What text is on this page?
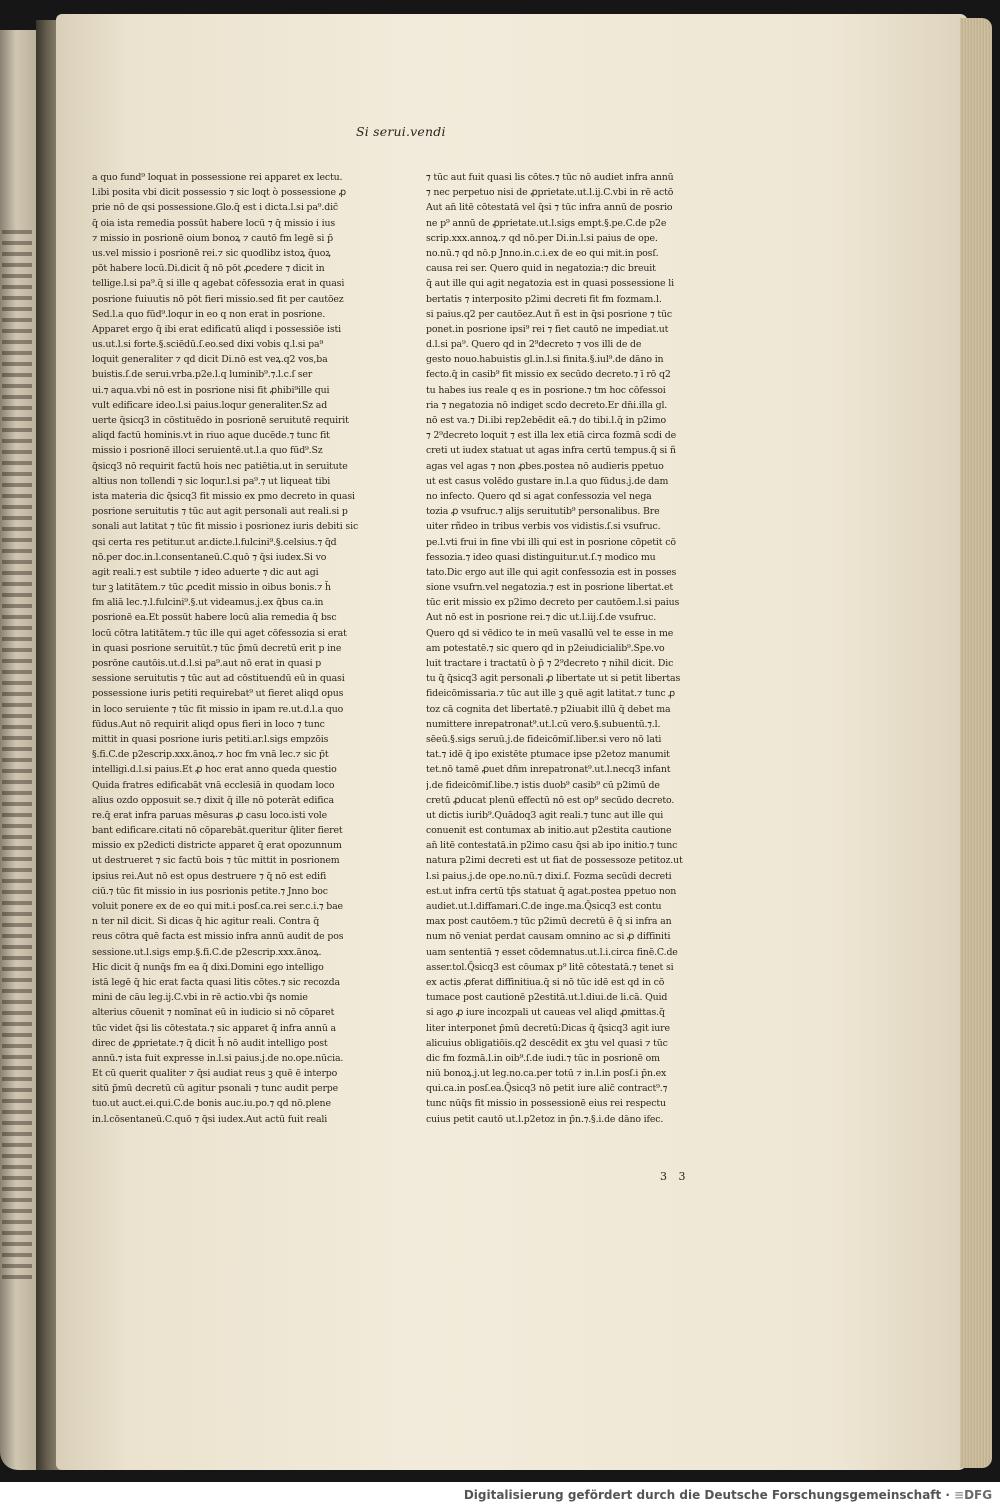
Si serui.vendi
a quo fund⁹ loquat in possessione rei apparet ex lectu.
l.ibi posita vbi dicit possessio ⁊ sic loqt ò possessione ꝓ
prie nō de qsi possessione.Glo.q̄ est i dicta.l.si pa⁹.dic̄
q̄ oia ista remedia possūt habere locū ⁊ q̄ missio i ius
⁊ missio in posrionē oium bonoꝝ ⁊ cautō fm legē si p̄
us.vel missio i posrionē rei.⁊ sic quodlibz istoꝝ q̄uoꝝ
pōt habere locū.Di.dicit q̄ nō pōt ꝓcedere ⁊ dicit in
tellige.l.si pa⁹.q̄ si ille q agebat cōfessozia erat in quasi
posrione fuiuutis nō pōt fieri missio.sed fit per cautōez
Sed.l.a quo fūd⁹.loqur in eo q non erat in posrione.
Apparet ergo q̄ ibi erat edificatū aliqd i possessiōe isti
us.ut.l.si forte.§.sciēdū.ſ.eo.sed dixi vobis q.l.si pa⁹
loquit generaliter ⁊ qd dicit Di.nō est veꝝ.q2 vos,ba
buistis.ſ.de serui.vrba.p2e.l.q luminib⁹.⁊.l.c.ſ ser
ui.⁊ aqua.vbi nō est in posrione nisi fit ꝓhibi⁹ille qui
vult edificare ideo.l.si paius.loqur generaliter.Sz ad
uerte q̄sicq3 in cōstituēdo in posrionē seruitutē requirit
aliqd factū hominis.vt in riuo aque ducēde.⁊ tunc fit
missio i posrionē illoci seruientē.ut.l.a quo fūd⁹.Sz
q̄sicq3 nō requirit factū hois nec patiētia.ut in seruitute
altius non tollendi ⁊ sic loqur.l.si pa⁹.⁊ ut liqueat tibi
ista materia dic q̄sicq3 fit missio ex pmo decreto in quasi
posrione seruitutis ⁊ tūc aut agit personali aut reali.si p
sonali aut latitat ⁊ tūc fit missio i posrionez iuris debiti sic
qsi certa res petitur.ut ar.dicte.l.fulcini⁹.§.celsius.⁊ q̄d
nō.per doc.in.l.consentaneū.C.quō ⁊ q̄si iudex.Si vo
agit reali.⁊ est subtile ⁊ ideo aduerte ⁊ dic aut agi
tur ꝫ latitātem.⁊ tūc ꝓcedit missio in oibus bonis.⁊ h̄
fm aliā lec.⁊.l.fulcini⁹.§.ut videamus.j.ex q̄bus ca.in
posrionē ea.Et possūt habere locū alia remedia q̄ bsc
locū cōtra latitātem.⁊ tūc ille qui aget cōfessozia si erat
in quasi posrione seruitūt.⁊ tūc p̄mū decretū erit p ine
posrōne cautōis.ut.d.l.si pa⁹.aut nō erat in quasi p
sessione seruitutis ⁊ tūc aut ad cōstituendū eū in quasi
possessione iuris petiti requirebat⁹ ut fieret aliqd opus
in loco seruiente ⁊ tūc fit missio in ipam re.ut.d.l.a quo
fūdus.Aut nō requirit aliqd opus fieri in loco ⁊ tunc
mittit in quasi posrione iuris petiti.ar.l.sigs empzōis
§.fi.C.de p2escrip.xxx.ānoꝝ.⁊ hoc fm vnā lec.⁊ sic p̄t
intelligi.d.l.si paius.Et ꝓ hoc erat anno queda questio
Quida fratres edificabāt vnā ecclesiā in quodam loco
alius ozdo opposuit se.⁊ dixit q̄ ille nō poterāt edifica
re.q̄ erat infra paruas mēsuras ꝓ casu loco.isti vole
bant edificare.citati nō cōparebāt.queritur q̄liter fieret
missio ex p2edicti districte apparet q̄ erat opozunnum
ut destrueret ⁊ sic factū bois ⁊ tūc mittit in posrionem
ipsius rei.Aut nō est opus destruere ⁊ q̄ nō est edifi
ciū.⁊ tūc fit missio in ius posrionis petite.⁊ Jnno boc
voluit ponere ex de eo qui mit.i posſ.ca.rei ser.c.i.⁊ bae
n ter nil dicit. Si dicas q̄ hic agitur reali. Contra q̄
reus cōtra quē facta est missio infra annū audit de pos
sessione.ut.l.sigs emp.§.fi.C.de p2escrip.xxx.ānoꝝ.
Hic dicit q̄ nunq̄s fm ea q̄ dixi.Domini ego intelligo
istā legē q̄ hic erat facta quasi litis cōtes.⁊ sic recozda
mini de cāu leg.ij.C.vbi in rē actio.vbi q̄s nomie
alterius cōuenit ⁊ nomīnat eū in iudicio si nō cōparet
tūc videt q̄si lis cōtestata.⁊ sic apparet q̄ infra annū a
direc de ꝓprietate.⁊ q̄ dicit h̄ nō audit intelligo post
annū.⁊ ista fuit expresse in.l.si paius.j.de no.ope.nūcia.
Et cū querit qualiter ⁊ q̄si audiat reus ꝫ quē ē interpo
sitū p̄mū decretū cū agitur psonali ⁊ tunc audit perpe
tuo.ut auct.ei.qui.C.de bonis auc.iu.po.⁊ qd nō.plene
in.l.cōsentaneū.C.quō ⁊ q̄si iudex.Aut actū fuit reali
⁊ tūc aut fuit quasi lis cōtes.⁊ tūc nō audiet infra annū
⁊ nec perpetuo nisi de ꝓprietate.ut.l.ij.C.vbi in rē actō
Aut an̄ litē cōtestatā vel q̄si ⁊ tūc infra annū de posrio
ne p⁹ annū de ꝓprietate.ut.l.sigs empt.§.pe.C.de p2e
scrip.xxx.annoꝝ.⁊ qd nō.per Di.in.l.si paius de ope.
no.nū.⁊ qd nō.p Jnno.in.c.i.ex de eo qui mit.in posſ.
causa rei ser. Quero quid in negatozia:⁊ dic breuit
q̄ aut ille qui agit negatozia est in quasi possessione li
bertatis ⁊ interposito p2imi decreti fit fm fozmam.l.
si paius.q2 per cautōez.Aut ñ est in q̄si posrione ⁊ tūc
ponet.in posrione ipsi⁹ rei ⁊ fiet cautō ne impediat.ut
d.l.si pa⁹. Quero qd in 2⁹decreto ⁊ vos illi de de
gesto nouo.habuistis gl.in.l.si finita.§.iul⁹.de dāno in
fecto.q̄ in casib⁹ fit missio ex secūdo decreto.⁊ ī rō q2
tu habes ius reale q es in posrione.⁊ tm hoc cōfessoi
ria ⁊ negatozia nō indiget scdo decreto.Er dn̄i.illa gl.
nō est va.⁊ Di.ibi rep2ebēdit eā.⁊ do tibi.l.q̄ in p2imo
⁊ 2⁹decreto loquit ⁊ est illa lex etiā circa fozmā scdi de
creti ut iudex statuat ut agas infra certū tempus.q̄ si ñ
agas vel agas ⁊ non ꝓbes.postea nō audieris ppetuo
ut est casus volēdo gustare in.l.a quo fūdus.j.de dam
no infecto. Quero qd si agat confessozia vel nega
tozia ꝓ vsufruc.⁊ alijs seruitutib⁹ personalibus. Bre
uiter rñdeo in tribus verbis vos vidistis.ſ.si vsufruc.
pe.l.vti frui in fine vbi illi qui est in posrione cōpetit cō
fessozia.⁊ ideo quasi distinguitur.ut.ſ.⁊ modico mu
tato.Dic ergo aut ille qui agit confessozia est in posses
sione vsufrn.vel negatozia.⁊ est in posrione libertat.et
tūc erit missio ex p2imo decreto per cautōem.l.si paius
Aut nō est in posrione rei.⁊ dic ut.l.iij.ſ.de vsufruc.
Quero qd si vēdico te in meū vasallū vel te esse in me
am potestatē.⁊ sic quero qd in p2eiudicialib⁹.Spe.vo
luit tractare i tractatū ò p̄ ⁊ 2⁹decreto ⁊ nihil dicit. Dic
tu q̄ q̄sicq3 agit personali ꝓ libertate ut si petit libertas
fideicōmissaria.⁊ tūc aut ille ꝫ quē agit latitat.⁊ tunc ꝓ
toz cā cognita det libertatē.⁊ p2iuabit illū q̄ debet ma
numittere inrepatronat⁹.ut.l.cū vero.§.subuentū.⁊.l.
sēeū.§.sigs seruū.j.de fideicōmiſ.liber.si vero nō lati
tat.⁊ idē q̄ ipo existēte ptumace ipse p2etoz manumit
tet.nō tamē ꝓuet dn̄m inrepatronat⁹.ut.l.necq3 infant
j.de fideicōmiſ.libe.⁊ istis duob⁹ casib⁹ cū p2imū de
cretū ꝓducat plenū effectū nō est op⁹ secūdo decreto.
ut dictis iurib⁹.Quādoq3 agit reali.⁊ tunc aut ille qui
conuenit est contumax ab initio.aut p2estita cautione
an̄ litē contestatā.in p2imo casu q̄si ab ipo initio.⁊ tunc
natura p2imi decreti est ut fiat de possessoze petitoz.ut
l.si paius.j.de ope.no.nū.⁊ dixi.ſ. Fozma secūdi decreti
est.ut infra certū tp̄s statuat q̄ agat.postea ppetuo non
audiet.ut.l.diffamari.C.de inge.ma.Q̄sicq3 est contu
max post cautōem.⁊ tūc p2imū decretū ē q̄ si infra an
num nō veniat perdat causam omnino ac si ꝓ diffiniti
uam sententiā ⁊ esset cōdemnatus.ut.l.i.circa finē.C.de
asser.tol.Q̄sicq3 est cōumax p⁹ litē cōtestatā.⁊ tenet si
ex actis ꝓferat diffinitiua.q̄ si nō tūc idē est qd in cō
tumace post cautionē p2estitā.ut.l.diui.de li.cā. Quid
si ago ꝓ iure incozpali ut caueas vel aliqd ꝓmittas.q̄
liter interponet p̄mū decretū:Dicas q̄ q̄sicq3 agit iure
alicuius obligatiōis.q2 descēdit ex ꝫtu vel quasi ⁊ tūc
dic fm fozmā.l.in oib⁹.ſ.de iudi.⁊ tūc in posrionē om
niū bonoꝝ.j.ut leg.no.ca.per totū ⁊ in.l.in posſ.i p̄n.ex
qui.ca.in posſ.ea.Q̄sicq3 nō petit iure alic̄ contract⁹.⁊
tunc nūq̄s fit missio in possessionē eius rei respectu
cuius petit cautō ut.l.p2etoz in p̄n.⁊.§.i.de dāno ifec.
3 3
Digitalisierung gefördert durch die Deutsche Forschungsgemeinschaft · ≡DFG
